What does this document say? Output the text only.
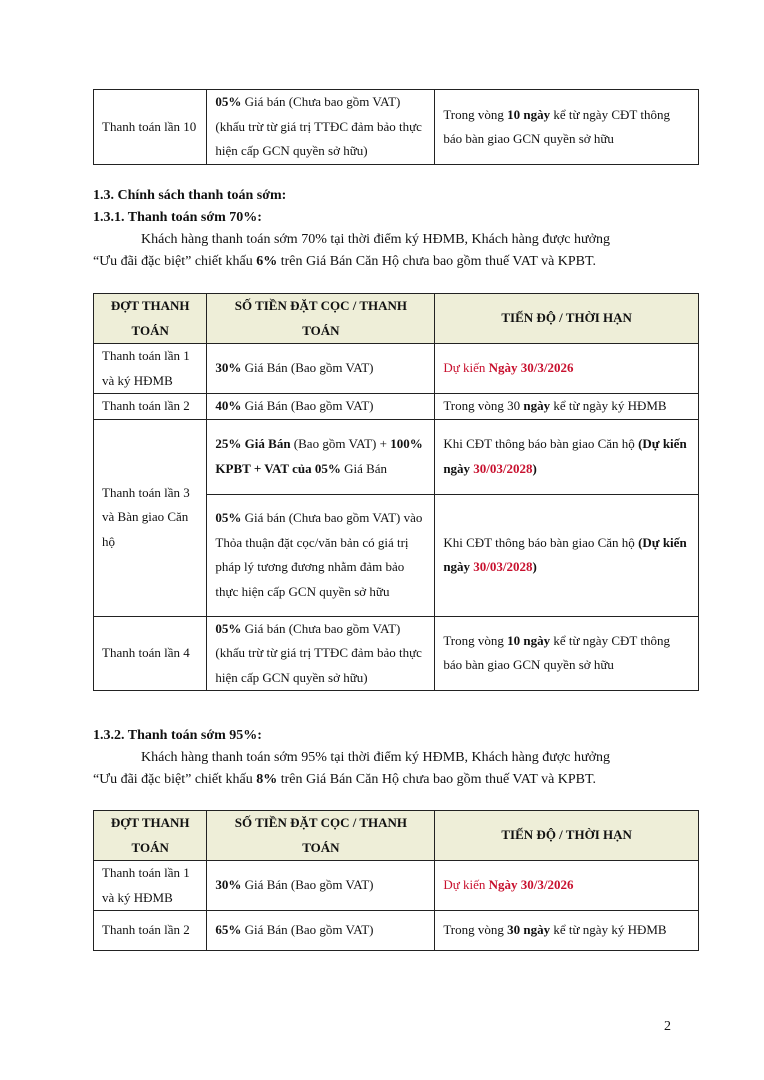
Thanh toán lần 10	05% Giá bán (Chưa bao gồm VAT) (khấu trừ từ giá trị TTĐC đảm bảo thực hiện cấp GCN quyền sở hữu)	Trong vòng 10 ngày kể từ ngày CĐT thông báo bàn giao GCN quyền sở hữu
1.3. Chính sách thanh toán sớm:
1.3.1. Thanh toán sớm 70%:
Khách hàng thanh toán sớm 70% tại thời điểm ký HĐMB, Khách hàng được hưởng
“Ưu đãi đặc biệt” chiết khấu 6% trên Giá Bán Căn Hộ chưa bao gồm thuế VAT và KPBT.
ĐỢT THANH TOÁN	SỐ TIỀN ĐẶT CỌC / THANH TOÁN	TIẾN ĐỘ / THỜI HẠN
Thanh toán lần 1 và ký HĐMB	30% Giá Bán (Bao gồm VAT)	Dự kiến Ngày 30/3/2026
Thanh toán lần 2	40% Giá Bán (Bao gồm VAT)	Trong vòng 30 ngày kể từ ngày ký HĐMB
Thanh toán lần 3 và Bàn giao Căn hộ	25% Giá Bán (Bao gồm VAT) + 100% KPBT + VAT của 05% Giá Bán	Khi CĐT thông báo bàn giao Căn hộ (Dự kiến ngày 30/03/2028)
	05% Giá bán (Chưa bao gồm VAT) vào Thỏa thuận đặt cọc/văn bản có giá trị pháp lý tương đương nhằm đảm bảo thực hiện cấp GCN quyền sở hữu	Khi CĐT thông báo bàn giao Căn hộ (Dự kiến ngày 30/03/2028)
Thanh toán lần 4	05% Giá bán (Chưa bao gồm VAT) (khấu trừ từ giá trị TTĐC đảm bảo thực hiện cấp GCN quyền sở hữu)	Trong vòng 10 ngày kể từ ngày CĐT thông báo bàn giao GCN quyền sở hữu
1.3.2. Thanh toán sớm 95%:
Khách hàng thanh toán sớm 95% tại thời điểm ký HĐMB, Khách hàng được hưởng
“Ưu đãi đặc biệt” chiết khấu 8% trên Giá Bán Căn Hộ chưa bao gồm thuế VAT và KPBT.
ĐỢT THANH TOÁN	SỐ TIỀN ĐẶT CỌC / THANH TOÁN	TIẾN ĐỘ / THỜI HẠN
Thanh toán lần 1 và ký HĐMB	30% Giá Bán (Bao gồm VAT)	Dự kiến Ngày 30/3/2026
Thanh toán lần 2	65% Giá Bán (Bao gồm VAT)	Trong vòng 30 ngày kể từ ngày ký HĐMB
2
